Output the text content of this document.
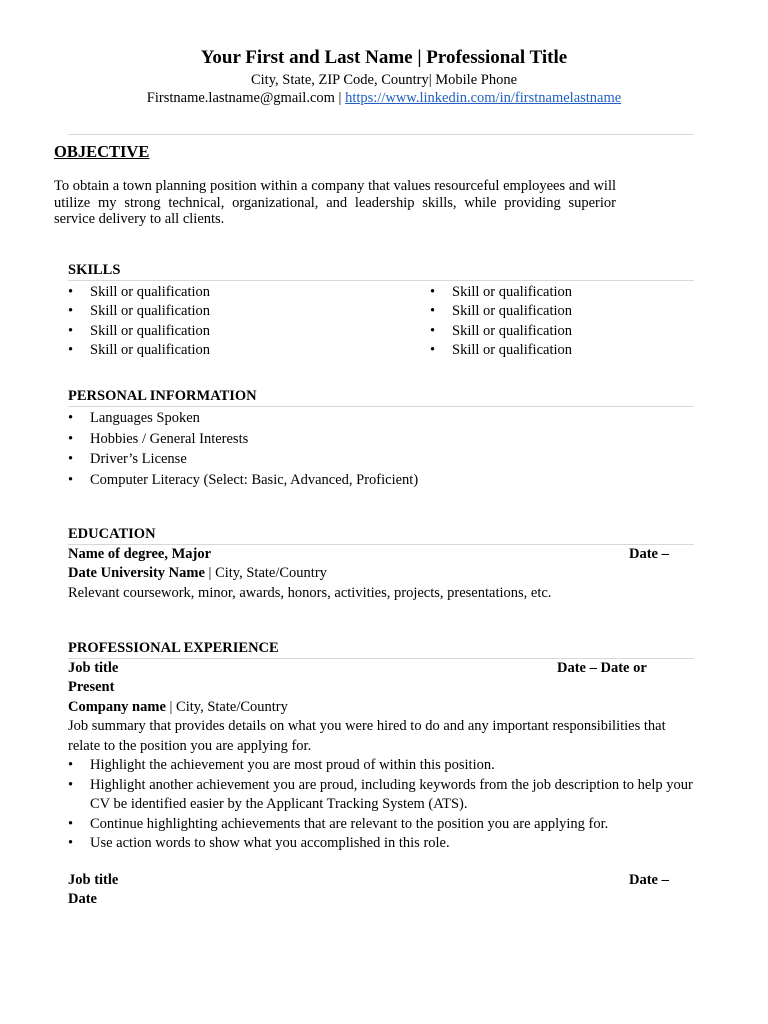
Your First and Last Name | Professional Title
City, State, ZIP Code, Country| Mobile Phone
Firstname.lastname@gmail.com | https://www.linkedin.com/in/firstnamelastname
OBJECTIVE
To obtain a town planning position within a company that values resourceful employees and will utilize my strong technical, organizational, and leadership skills, while providing superior service delivery to all clients.
SKILLS
• Skill or qualification
• Skill or qualification
• Skill or qualification
• Skill or qualification
• Skill or qualification
• Skill or qualification
• Skill or qualification
• Skill or qualification
PERSONAL INFORMATION
• Languages Spoken
• Hobbies / General Interests
• Driver’s License
• Computer Literacy (Select: Basic, Advanced, Proficient)
EDUCATION
Name of degree, Major	Date –
Date University Name | City, State/Country
Relevant coursework, minor, awards, honors, activities, projects, presentations, etc.
PROFESSIONAL EXPERIENCE
Job title	Date – Date or
Present
Company name | City, State/Country
Job summary that provides details on what you were hired to do and any important responsibilities that relate to the position you are applying for.
• Highlight the achievement you are most proud of within this position.
• Highlight another achievement you are proud, including keywords from the job description to help your CV be identified easier by the Applicant Tracking System (ATS).
• Continue highlighting achievements that are relevant to the position you are applying for.
• Use action words to show what you accomplished in this role.
Job title	Date –
Date
